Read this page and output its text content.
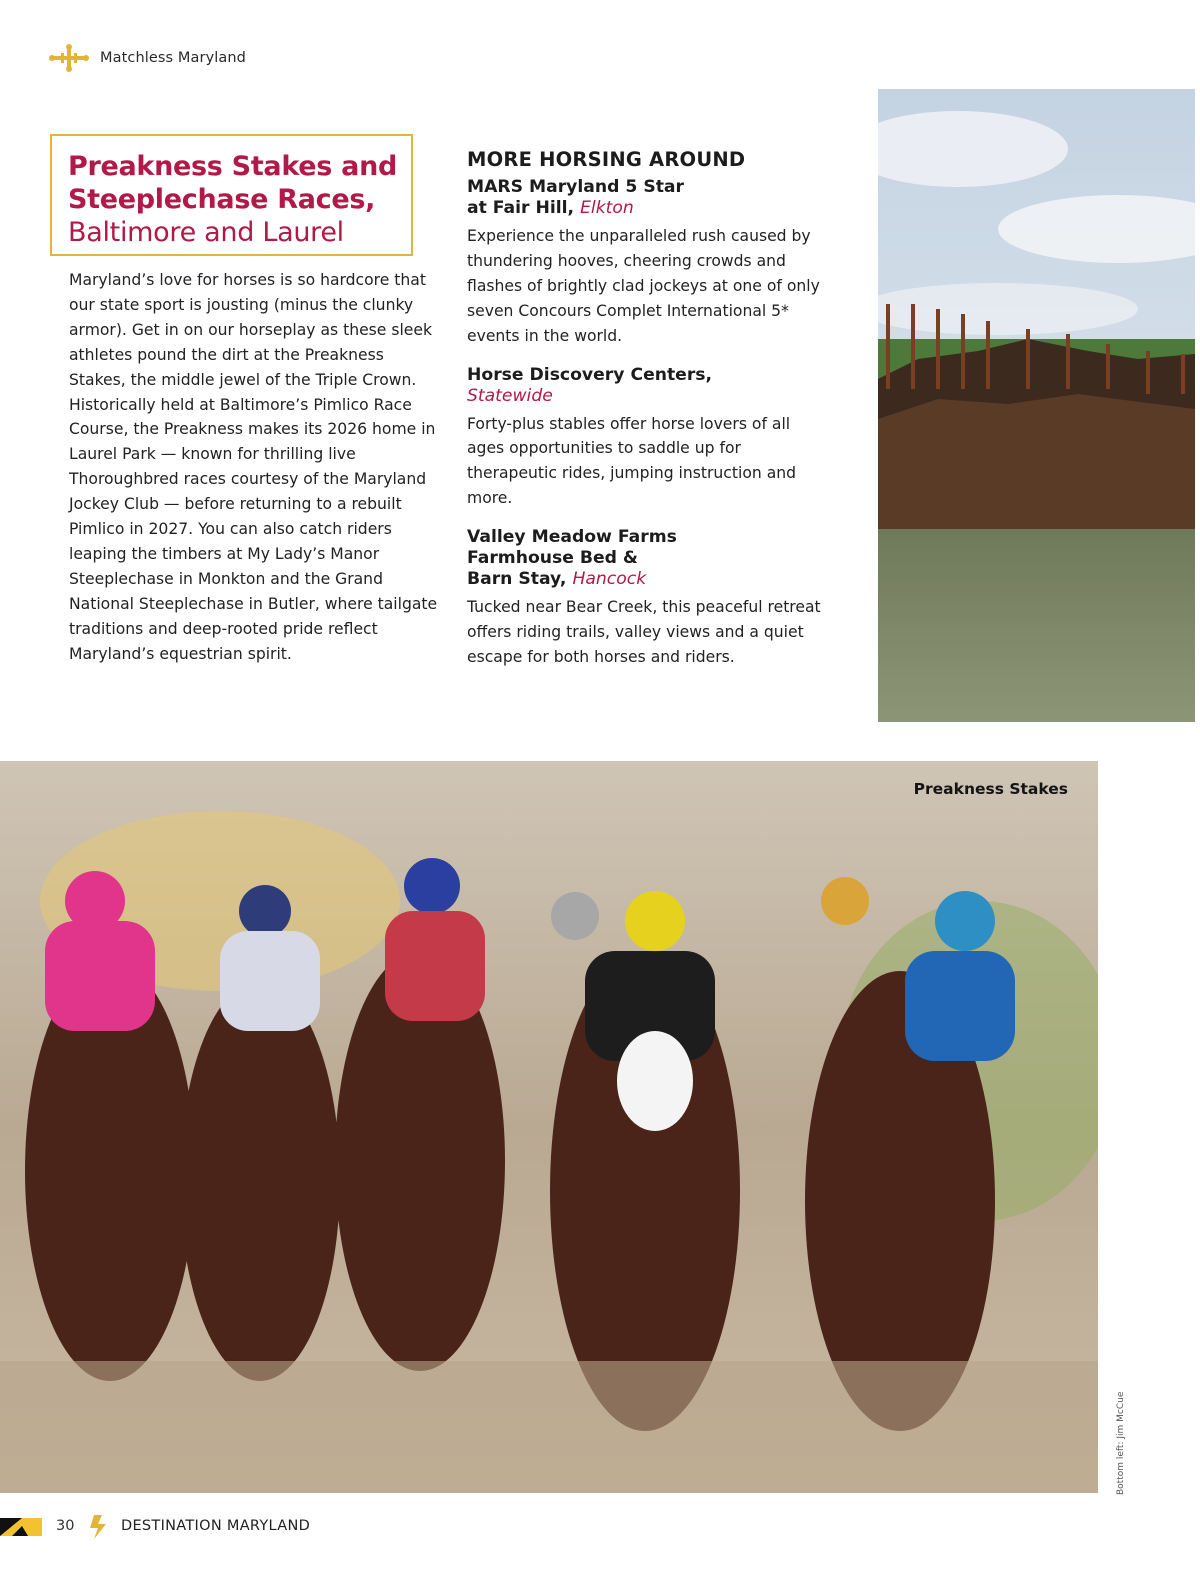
Matchless Maryland
Preakness Stakes and
Steeplechase Races,
Baltimore and Laurel

Maryland’s love for horses is so hardcore that our state sport is jousting (minus the clunky armor). Get in on our horseplay as these sleek athletes pound the dirt at the Preakness Stakes, the middle jewel of the Triple Crown. Historically held at Baltimore’s Pimlico Race Course, the Preakness makes its 2026 home in Laurel Park — known for thrilling live Thoroughbred races courtesy of the Maryland Jockey Club — before returning to a rebuilt Pimlico in 2027. You can also catch riders leaping the timbers at My Lady’s Manor Steeplechase in Monkton and the Grand National Steeplechase in Butler, where tailgate traditions and deep-rooted pride reflect Maryland’s equestrian spirit.

MORE HORSING AROUND
MARS Maryland 5 Star
at Fair Hill, Elkton

Experience the unparalleled rush caused by thundering hooves, cheering crowds and flashes of brightly clad jockeys at one of only seven Concours Complet International 5* events in the world.

Horse Discovery Centers,
Statewide

Forty-plus stables offer horse lovers of all ages opportunities to saddle up for therapeutic rides, jumping instruction and more.

Valley Meadow Farms
Farmhouse Bed &
Barn Stay, Hancock

Tucked near Bear Creek, this peaceful retreat offers riding trails, valley views and a quiet escape for both horses and riders.

Preakness Stakes
Bottom left: Jim McCue
30	DESTINATION MARYLAND
